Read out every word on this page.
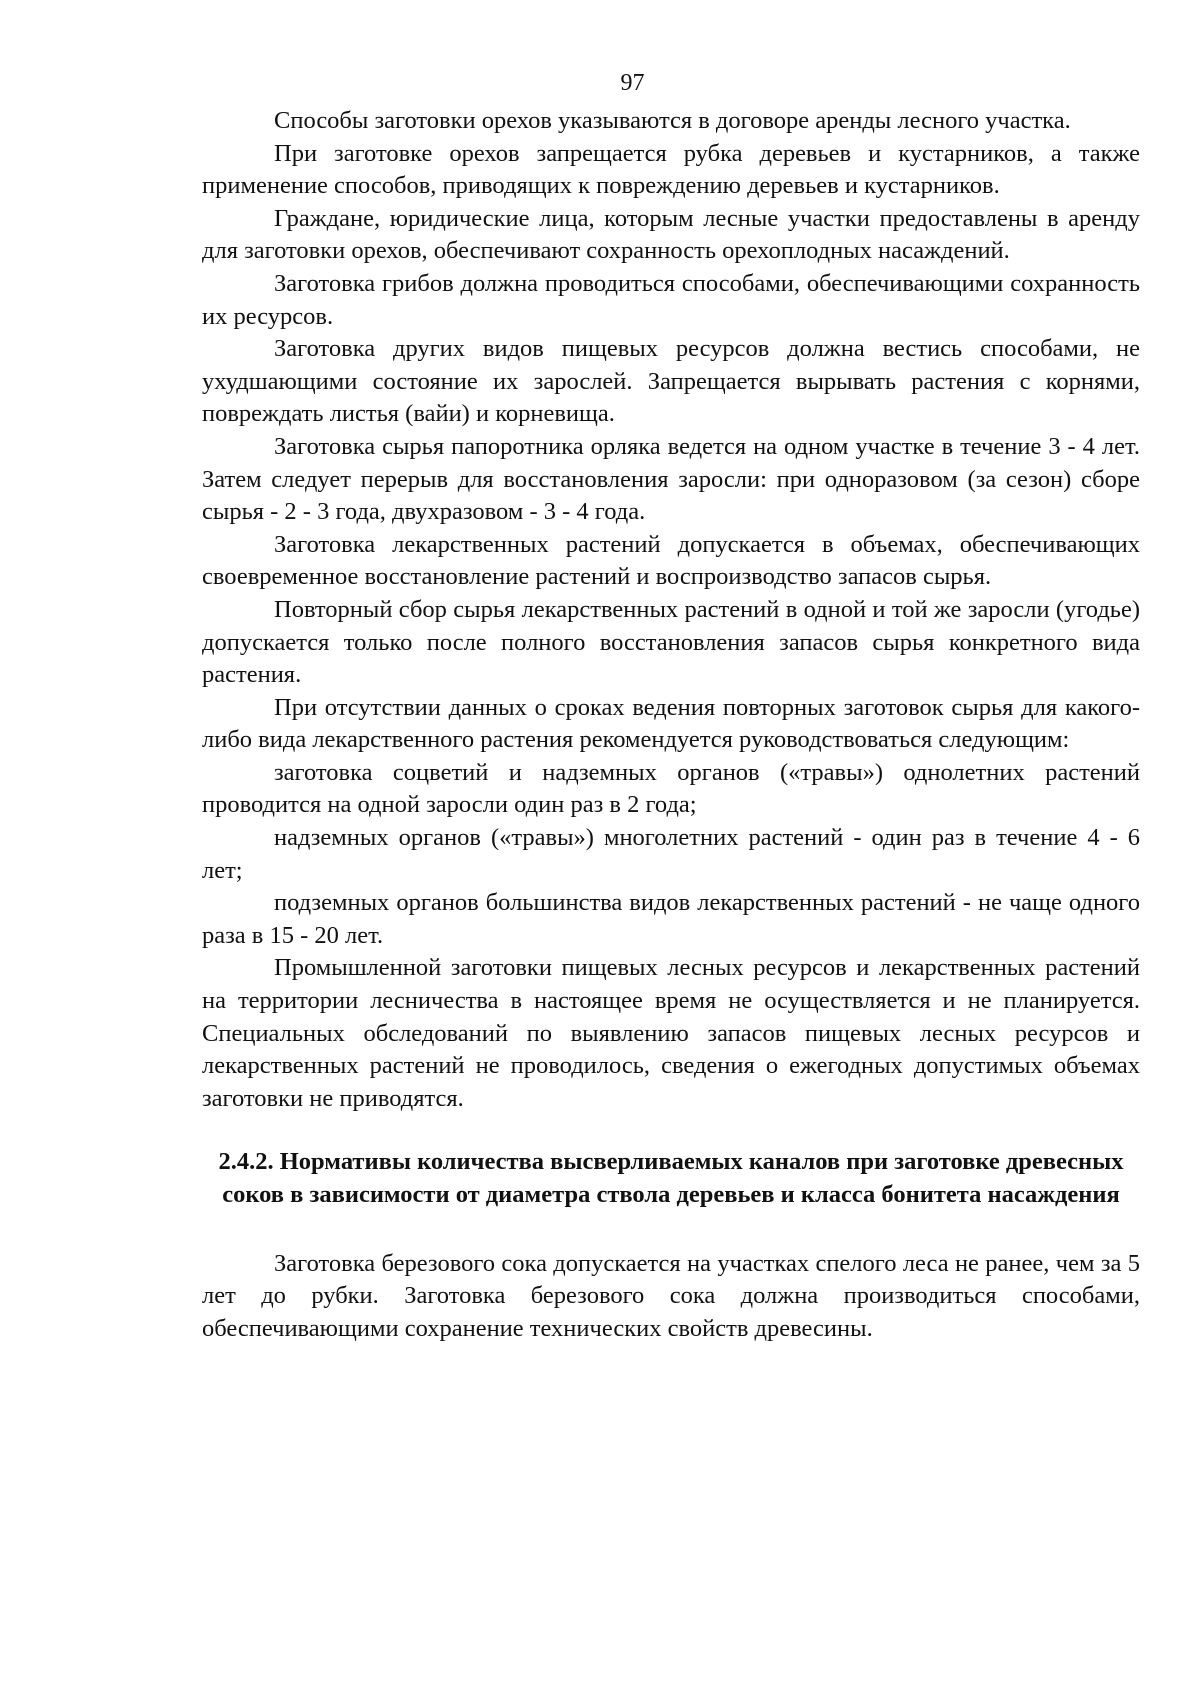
97

Способы заготовки орехов указываются в договоре аренды лесного участка.

При заготовке орехов запрещается рубка деревьев и кустарников, а также применение способов, приводящих к повреждению деревьев и кустарников.

Граждане, юридические лица, которым лесные участки предоставлены в аренду для заготовки орехов, обеспечивают сохранность орехоплодных насаждений.

Заготовка грибов должна проводиться способами, обеспечивающими сохранность их ресурсов.

Заготовка других видов пищевых ресурсов должна вестись способами, не ухудшающими состояние их зарослей. Запрещается вырывать растения с корнями, повреждать листья (вайи) и корневища.

Заготовка сырья папоротника орляка ведется на одном участке в течение 3 - 4 лет. Затем следует перерыв для восстановления заросли: при одноразовом (за сезон) сборе сырья - 2 - 3 года, двухразовом - 3 - 4 года.

Заготовка лекарственных растений допускается в объемах, обеспечивающих своевременное восстановление растений и воспроизводство запасов сырья.

Повторный сбор сырья лекарственных растений в одной и той же заросли (угодье) допускается только после полного восстановления запасов сырья конкретного вида растения.

При отсутствии данных о сроках ведения повторных заготовок сырья для какого-либо вида лекарственного растения рекомендуется руководствоваться следующим:

заготовка соцветий и надземных органов («травы») однолетних растений проводится на одной заросли один раз в 2 года;

надземных органов («травы») многолетних растений - один раз в течение 4 - 6 лет;

подземных органов большинства видов лекарственных растений - не чаще одного раза в 15 - 20 лет.

Промышленной заготовки пищевых лесных ресурсов и лекарственных растений на территории лесничества в настоящее время не осуществляется и не планируется. Специальных обследований по выявлению запасов пищевых лесных ресурсов и лекарственных растений не проводилось, сведения о ежегодных допустимых объемах заготовки не приводятся.

2.4.2. Нормативы количества высверливаемых каналов при заготовке древесных соков в зависимости от диаметра ствола деревьев и класса бонитета насаждения

Заготовка березового сока допускается на участках спелого леса не ранее, чем за 5 лет до рубки. Заготовка березового сока должна производиться способами, обеспечивающими сохранение технических свойств древесины.
